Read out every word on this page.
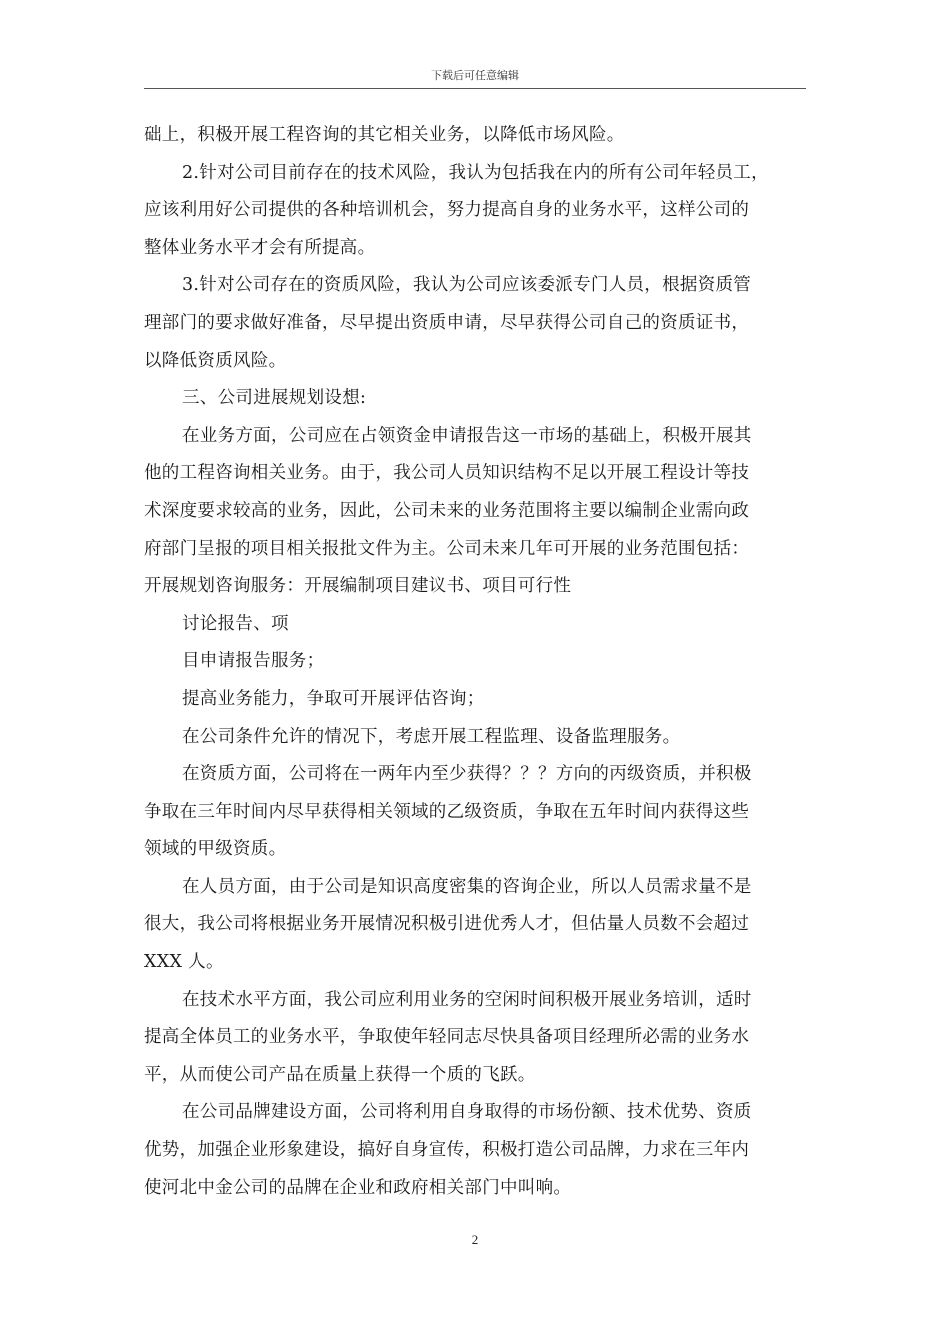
下载后可任意编辑

础上，积极开展工程咨询的其它相关业务，以降低市场风险。

2.针对公司目前存在的技术风险，我认为包括我在内的所有公司年轻员工，

应该利用好公司提供的各种培训机会，努力提高自身的业务水平，这样公司的

整体业务水平才会有所提高。

3.针对公司存在的资质风险，我认为公司应该委派专门人员，根据资质管

理部门的要求做好准备，尽早提出资质申请，尽早获得公司自己的资质证书，

以降低资质风险。

三、公司进展规划设想:

在业务方面，公司应在占领资金申请报告这一市场的基础上，积极开展其

他的工程咨询相关业务。由于，我公司人员知识结构不足以开展工程设计等技

术深度要求较高的业务，因此，公司未来的业务范围将主要以编制企业需向政

府部门呈报的项目相关报批文件为主。公司未来几年可开展的业务范围包括：

开展规划咨询服务：开展编制项目建议书、项目可行性

讨论报告、项

目申请报告服务；

提高业务能力，争取可开展评估咨询；

在公司条件允许的情况下，考虑开展工程监理、设备监理服务。

在资质方面，公司将在一两年内至少获得？？？方向的丙级资质，并积极

争取在三年时间内尽早获得相关领域的乙级资质，争取在五年时间内获得这些

领域的甲级资质。

在人员方面，由于公司是知识高度密集的咨询企业，所以人员需求量不是

很大，我公司将根据业务开展情况积极引进优秀人才，但估量人员数不会超过

XXX 人。

在技术水平方面，我公司应利用业务的空闲时间积极开展业务培训，适时

提高全体员工的业务水平，争取使年轻同志尽快具备项目经理所必需的业务水

平，从而使公司产品在质量上获得一个质的飞跃。

在公司品牌建设方面，公司将利用自身取得的市场份额、技术优势、资质

优势，加强企业形象建设，搞好自身宣传，积极打造公司品牌，力求在三年内

使河北中金公司的品牌在企业和政府相关部门中叫响。

2
